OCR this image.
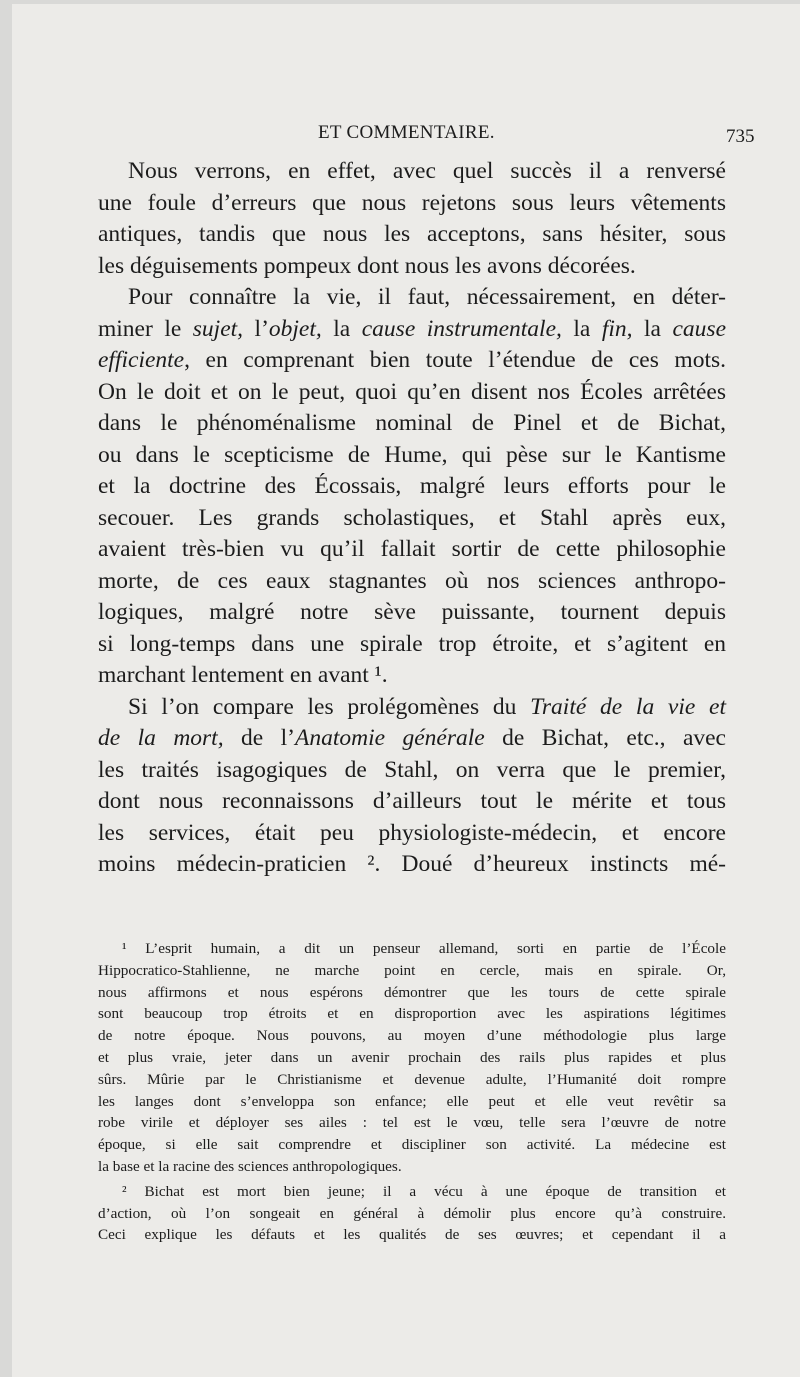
ET COMMENTAIRE.	735
Nous verrons, en effet, avec quel succès il a renversé
une foule d’erreurs que nous rejetons sous leurs vêtements
antiques, tandis que nous les acceptons, sans hésiter, sous
les déguisements pompeux dont nous les avons décorées.
Pour connaître la vie, il faut, nécessairement, en déter-
miner le sujet, l’objet, la cause instrumentale, la fin, la cause
efficiente, en comprenant bien toute l’étendue de ces mots.
On le doit et on le peut, quoi qu’en disent nos Écoles arrêtées
dans le phénoménalisme nominal de Pinel et de Bichat,
ou dans le scepticisme de Hume, qui pèse sur le Kantisme
et la doctrine des Écossais, malgré leurs efforts pour le
secouer. Les grands scholastiques, et Stahl après eux,
avaient très-bien vu qu’il fallait sortir de cette philosophie
morte, de ces eaux stagnantes où nos sciences anthropo-
logiques, malgré notre sève puissante, tournent depuis
si long-temps dans une spirale trop étroite, et s’agitent en
marchant lentement en avant ¹.
Si l’on compare les prolégomènes du Traité de la vie et
de la mort, de l’Anatomie générale de Bichat, etc., avec
les traités isagogiques de Stahl, on verra que le premier,
dont nous reconnaissons d’ailleurs tout le mérite et tous
les services, était peu physiologiste-médecin, et encore
moins médecin-praticien ². Doué d’heureux instincts mé-
¹ L’esprit humain, a dit un penseur allemand, sorti en partie de l’École
Hippocratico-Stahlienne, ne marche point en cercle, mais en spirale. Or,
nous affirmons et nous espérons démontrer que les tours de cette spirale
sont beaucoup trop étroits et en disproportion avec les aspirations légitimes
de notre époque. Nous pouvons, au moyen d’une méthodologie plus large
et plus vraie, jeter dans un avenir prochain des rails plus rapides et plus
sûrs. Mûrie par le Christianisme et devenue adulte, l’Humanité doit rompre
les langes dont s’enveloppa son enfance; elle peut et elle veut revêtir sa
robe virile et déployer ses ailes : tel est le vœu, telle sera l’œuvre de notre
époque, si elle sait comprendre et discipliner son activité. La médecine est
la base et la racine des sciences anthropologiques.
² Bichat est mort bien jeune; il a vécu à une époque de transition et
d’action, où l’on songeait en général à démolir plus encore qu’à construire.
Ceci explique les défauts et les qualités de ses œuvres; et cependant il a
